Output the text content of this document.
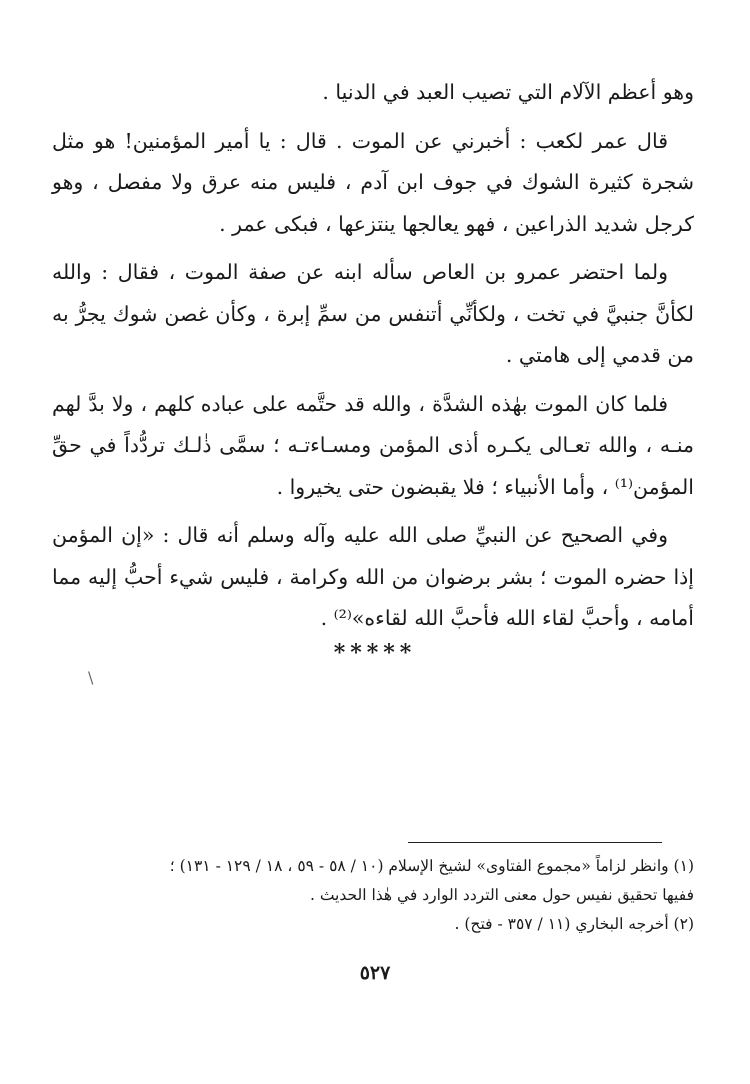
وهو أعظم الآلام التي تصيب العبد في الدنيا .

قال عمر لكعب : أخبرني عن الموت . قال : يا أمير المؤمنين! هو مثل شجرة كثيرة الشوك في جوف ابن آدم ، فليس منه عرق ولا مفصل ، وهو كرجل شديد الذراعين ، فهو يعالجها ينتزعها ، فبكى عمر .

ولما احتضر عمرو بن العاص سأله ابنه عن صفة الموت ، فقال : والله لكأنَّ جنبيَّ في تخت ، ولكأنِّي أتنفس من سمِّ إبرة ، وكأن غصن شوك يجرُّ به من قدمي إلى هامتي .

فلما كان الموت بهٰذه الشدَّة ، والله قد حتَّمه على عباده كلهم ، ولا بدَّ لهم منـه ، والله تعـالى يكـره أذى المؤمن ومسـاءتـه ؛ سمَّى ذٰلـك تردُّداً في حقِّ المؤمن⁽¹⁾ ، وأما الأنبياء ؛ فلا يقبضون حتى يخيروا .

وفي الصحيح عن النبيِّ صلى الله عليه وآله وسلم أنه قال : «إن المؤمن إذا حضره الموت ؛ بشر برضوان من الله وكرامة ، فليس شيء أحبُّ إليه مما أمامه ، وأحبَّ لقاء الله فأحبَّ الله لقاءه»⁽²⁾ .

*****
\

(١) وانظر لزاماً «مجموع الفتاوى» لشيخ الإسلام (١٠ / ٥٨ - ٥٩ ، ١٨ / ١٢٩ - ١٣١) ؛

ففيها تحقيق نفيس حول معنى التردد الوارد في هٰذا الحديث .

(٢) أخرجه البخاري (١١ / ٣٥٧ - فتح) .

٥٢٧
